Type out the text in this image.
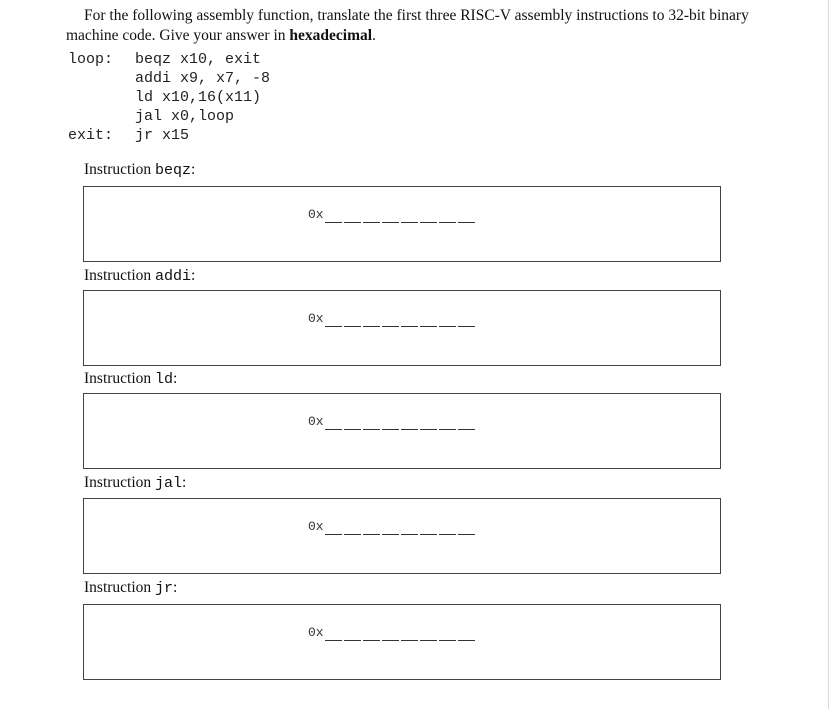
For the following assembly function, translate the first three RISC-V assembly instructions to 32-bit binary machine code. Give your answer in hexadecimal.
loop:
exit:
beqz x10, exit
addi x9, x7, -8
ld x10,16(x11)
jal x0,loop
jr x15
Instruction beqz:
0x
Instruction addi:
0x
Instruction ld:
0x
Instruction jal:
0x
Instruction jr:
0x
